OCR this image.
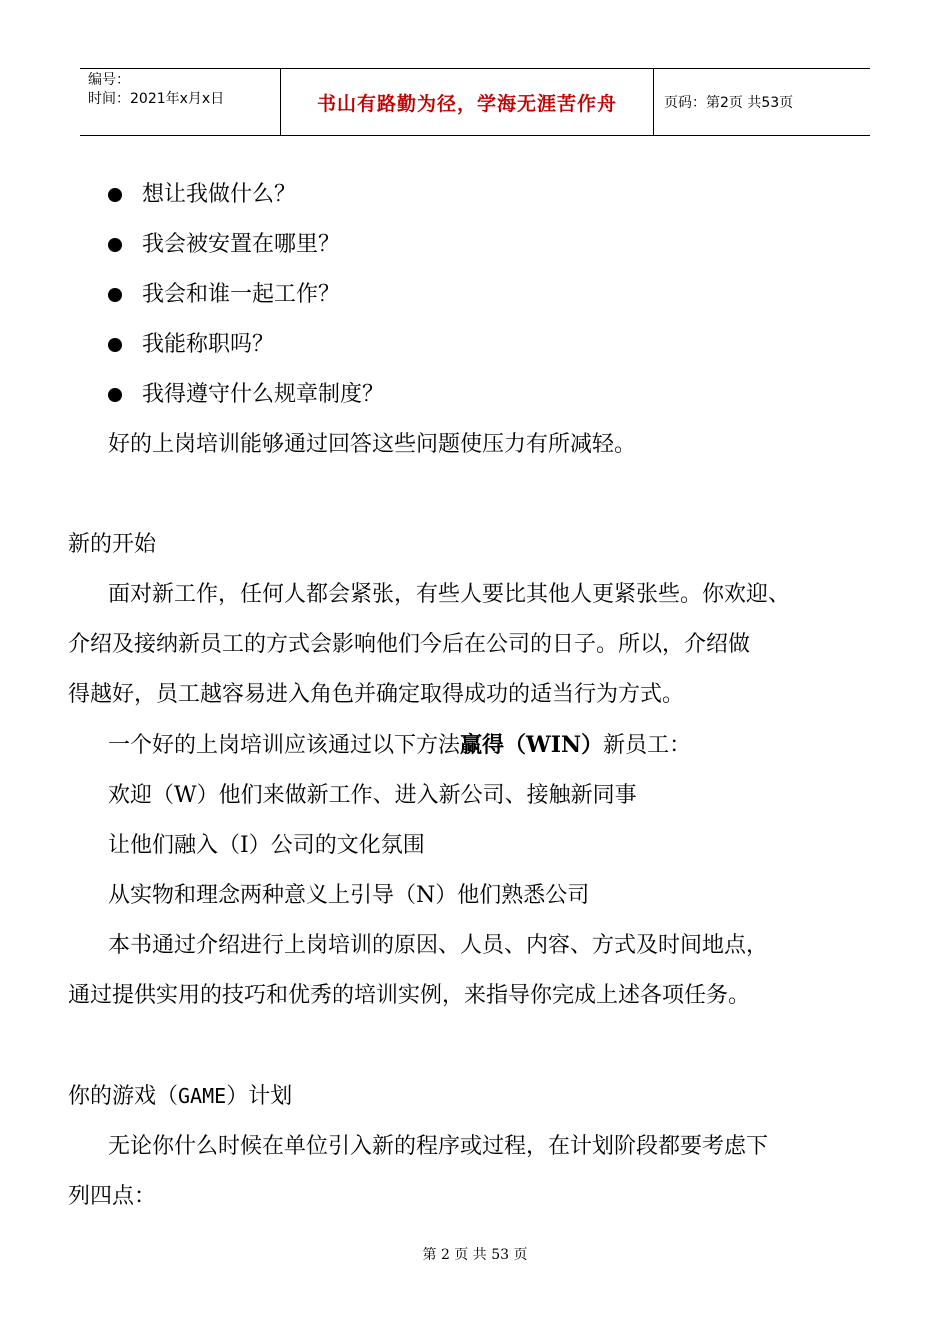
编号：
时间：2021年x月x日	书山有路勤为径，学海无涯苦作舟	页码：第2页 共53页
想让我做什么？
我会被安置在哪里？
我会和谁一起工作？
我能称职吗？
我得遵守什么规章制度？

好的上岗培训能够通过回答这些问题使压力有所减轻。

新的开始

面对新工作，任何人都会紧张，有些人要比其他人更紧张些。你欢迎、

介绍及接纳新员工的方式会影响他们今后在公司的日子。所以，介绍做

得越好，员工越容易进入角色并确定取得成功的适当行为方式。

一个好的上岗培训应该通过以下方法赢得（WIN）新员工：

欢迎（W）他们来做新工作、进入新公司、接触新同事

让他们融入（I）公司的文化氛围

从实物和理念两种意义上引导（N）他们熟悉公司

本书通过介绍进行上岗培训的原因、人员、内容、方式及时间地点，

通过提供实用的技巧和优秀的培训实例，来指导你完成上述各项任务。

你的游戏（GAME）计划

无论你什么时候在单位引入新的程序或过程，在计划阶段都要考虑下

列四点：

第 2 页 共 53 页
